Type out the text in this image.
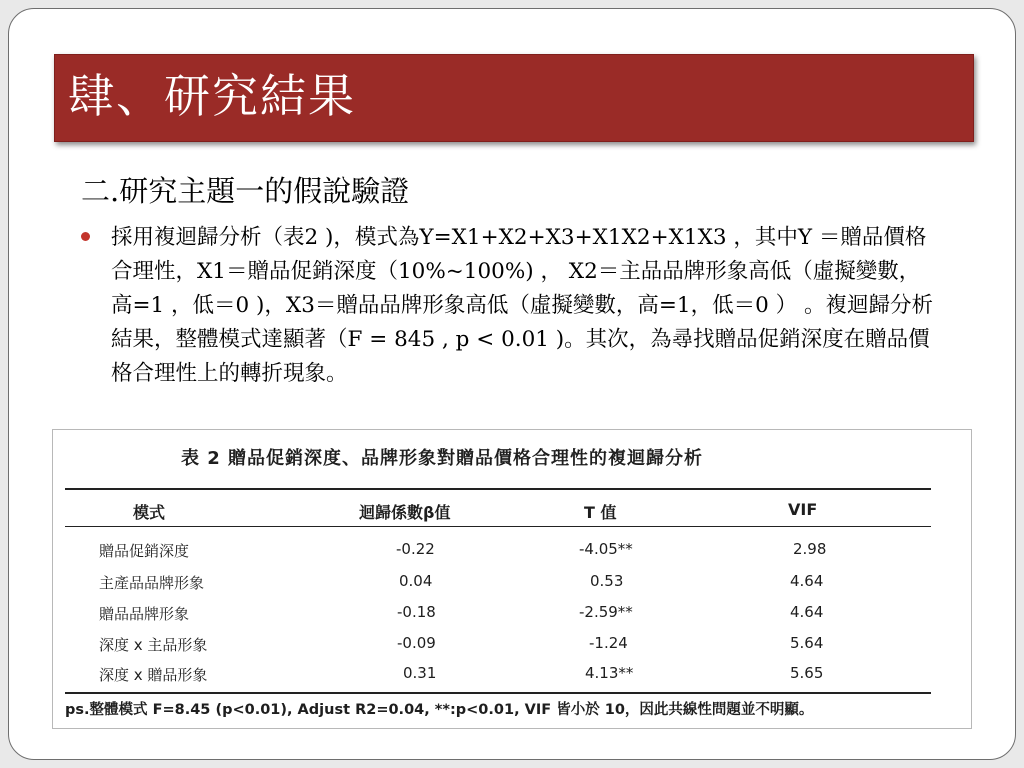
肆、研究結果
二.研究主題一的假說驗證
採用複迴歸分析（表2 )，模式為Y=X1+X2+X3+X1X2+X1X3 ，其中Y ＝贈品價格合理性，X1＝贈品促銷深度（10%~100%) ， X2＝主品品牌形象高低（虛擬變數，高=1 ，低＝0 )，X3＝贈品品牌形象高低（虛擬變數，高=1，低＝0 ） 。複迴歸分析結果，整體模式達顯著（F = 845 , p < 0.01 )。其次，為尋找贈品促銷深度在贈品價格合理性上的轉折現象。
表 2 贈品促銷深度、品牌形象對贈品價格合理性的複迴歸分析
模式	迴歸係數β值	T 值	VIF
贈品促銷深度	-0.22	-4.05**	2.98
主產品品牌形象	0.04	0.53	4.64
贈品品牌形象	-0.18	-2.59**	4.64
深度 x 主品形象	-0.09	-1.24	5.64
深度 x 贈品形象	0.31	4.13**	5.65
ps.整體模式 F=8.45 (p<0.01), Adjust R2=0.04, **:p<0.01, VIF 皆小於 10，因此共線性問題並不明顯。
